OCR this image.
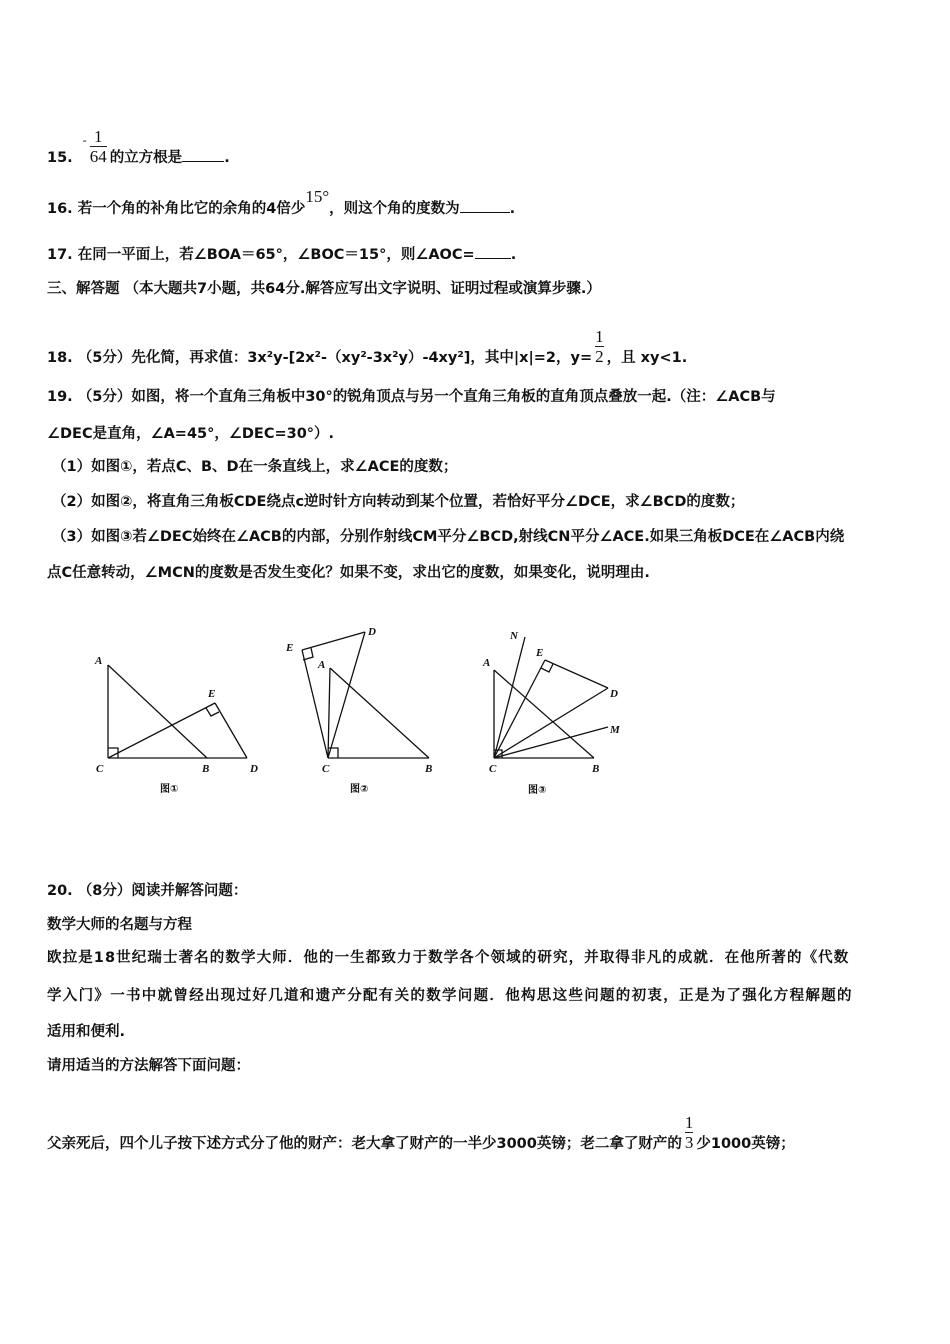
$15.^- \frac{1}{64}$ 的立方根是	.
16. 若一个角的补角比它的余角的4倍少15°，则这个角的度数为	.
17. 在同一平面上，若∠BOA＝65°，∠BOC＝15°，则∠AOC= .
三、解答题 （本大题共7小题，共64分.解答应写出文字说明、证明过程或演算步骤.）
18. （5分）先化简，再求值：3x²y-[2x²-（xy²-3x²y）-4xy²]，其中|x|=2，$y= \frac{1}{2}$ ，且 xy<1.
19. （5分）如图，将一个直角三角板中30°的锐角顶点与另一个直角三角板的直角顶点叠放一起.（注：∠ACB与
∠DEC是直角，∠A=45°，∠DEC=30°）.
（1）如图①，若点C、B、D在一条直线上，求∠ACE的度数；
（2）如图②，将直角三角板CDE绕点c逆时针方向转动到某个位置，若恰好平分∠DCE，求∠BCD的度数；
（3）如图③若∠DEC始终在∠ACB的内部，分别作射线CM平分∠BCD,射线CN平分∠ACE.如果三角板DCE在∠ACB内绕
点C任意转动，∠MCN的度数是否发生变化？如果不变，求出它的度数，如果变化，说明理由.
A
E
C	B	D
图①
E
D
A
C	B
图②
N
E
A
D
M
C	B
图③
20. （8分）阅读并解答问题：
数学大师的名题与方程
欧拉是18世纪瑞士著名的数学大师．他的一生都致力于数学各个领域的研究，并取得非凡的成就．在他所著的《代数
学入门》一书中就曾经出现过好几道和遗产分配有关的数学问题．他构思这些问题的初衷，正是为了强化方程解题的
适用和便利.
请用适当的方法解答下面问题：
父亲死后，四个儿子按下述方式分了他的财产：老大拿了财产的一半少3000英镑；老二拿了财产的 $\frac{1}{3}$ 少1000英镑；
